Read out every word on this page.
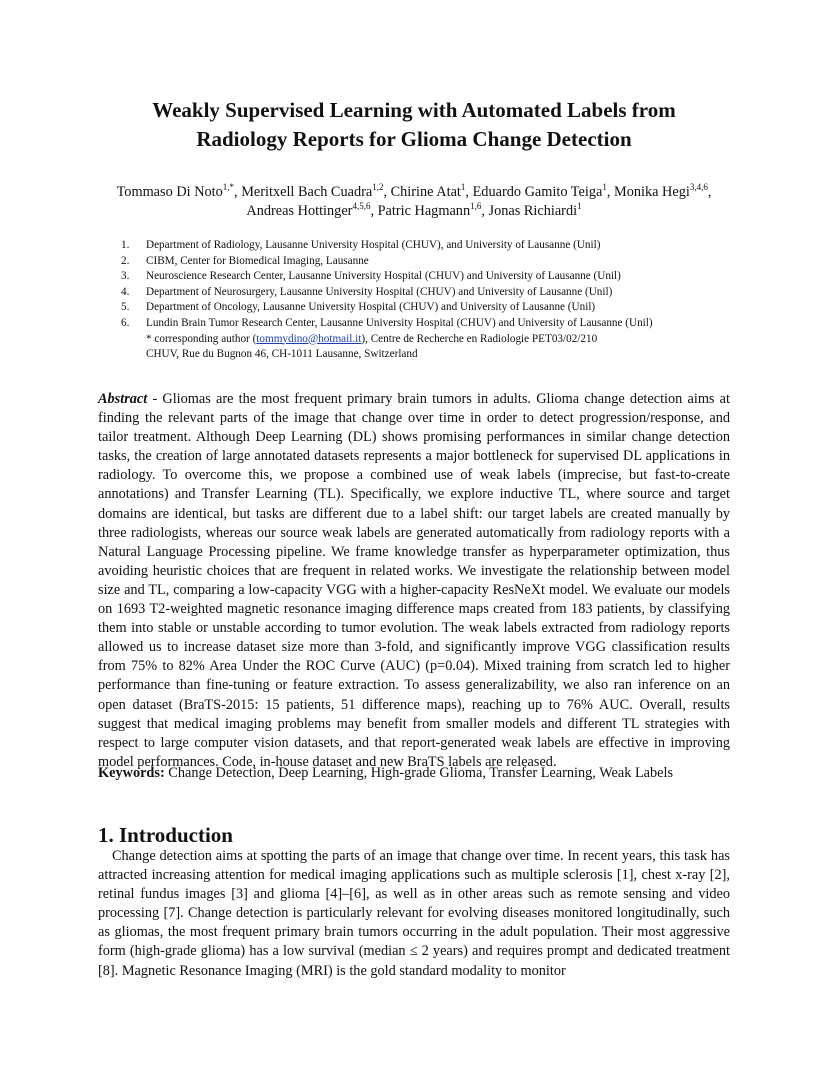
Weakly Supervised Learning with Automated Labels from
Radiology Reports for Glioma Change Detection

Tommaso Di Noto$^{1,*}$, Meritxell Bach Cuadra$^{1,2}$, Chirine Atat$^1$, Eduardo Gamito Teiga$^1$, Monika Hegi$^{3,4,6}$,
Andreas Hottinger$^{4,5,6}$, Patric Hagmann$^{1,6}$, Jonas Richiardi$^1$

1. Department of Radiology, Lausanne University Hospital (CHUV), and University of Lausanne (Unil)
2. CIBM, Center for Biomedical Imaging, Lausanne
3. Neuroscience Research Center, Lausanne University Hospital (CHUV) and University of Lausanne (Unil)
4. Department of Neurosurgery, Lausanne University Hospital (CHUV) and University of Lausanne (Unil)
5. Department of Oncology, Lausanne University Hospital (CHUV) and University of Lausanne (Unil)
6. Lundin Brain Tumor Research Center, Lausanne University Hospital (CHUV) and University of Lausanne (Unil)
* corresponding author (tommydino@hotmail.it), Centre de Recherche en Radiologie PET03/02/210
CHUV, Rue du Bugnon 46, CH-1011 Lausanne, Switzerland

Abstract - Gliomas are the most frequent primary brain tumors in adults. Glioma change detection aims at finding the relevant parts of the image that change over time in order to detect progression/response, and tailor treatment. Although Deep Learning (DL) shows promising performances in similar change detection tasks, the creation of large annotated datasets represents a major bottleneck for supervised DL applications in radiology. To overcome this, we propose a combined use of weak labels (imprecise, but fast-to-create annotations) and Transfer Learning (TL). Specifically, we explore inductive TL, where source and target domains are identical, but tasks are different due to a label shift: our target labels are created manually by three radiologists, whereas our source weak labels are generated automatically from radiology reports with a Natural Language Processing pipeline. We frame knowledge transfer as hyperparameter optimization, thus avoiding heuristic choices that are frequent in related works. We investigate the relationship between model size and TL, comparing a low-capacity VGG with a higher-capacity ResNeXt model. We evaluate our models on 1693 T2-weighted magnetic resonance imaging difference maps created from 183 patients, by classifying them into stable or unstable according to tumor evolution. The weak labels extracted from radiology reports allowed us to increase dataset size more than 3-fold, and significantly improve VGG classification results from 75% to 82% Area Under the ROC Curve (AUC) (p=0.04). Mixed training from scratch led to higher performance than fine-tuning or feature extraction. To assess generalizability, we also ran inference on an open dataset (BraTS-2015: 15 patients, 51 difference maps), reaching up to 76% AUC. Overall, results suggest that medical imaging problems may benefit from smaller models and different TL strategies with respect to large computer vision datasets, and that report-generated weak labels are effective in improving model performances. Code, in-house dataset and new BraTS labels are released.

Keywords: Change Detection, Deep Learning, High-grade Glioma, Transfer Learning, Weak Labels

1. Introduction

Change detection aims at spotting the parts of an image that change over time. In recent years, this task has attracted increasing attention for medical imaging applications such as multiple sclerosis [1], chest x-ray [2], retinal fundus images [3] and glioma [4]–[6], as well as in other areas such as remote sensing and video processing [7]. Change detection is particularly relevant for evolving diseases monitored longitudinally, such as gliomas, the most frequent primary brain tumors occurring in the adult population. Their most aggressive form (high-grade glioma) has a low survival (median ≤ 2 years) and requires prompt and dedicated treatment [8]. Magnetic Resonance Imaging (MRI) is the gold standard modality to monitor
